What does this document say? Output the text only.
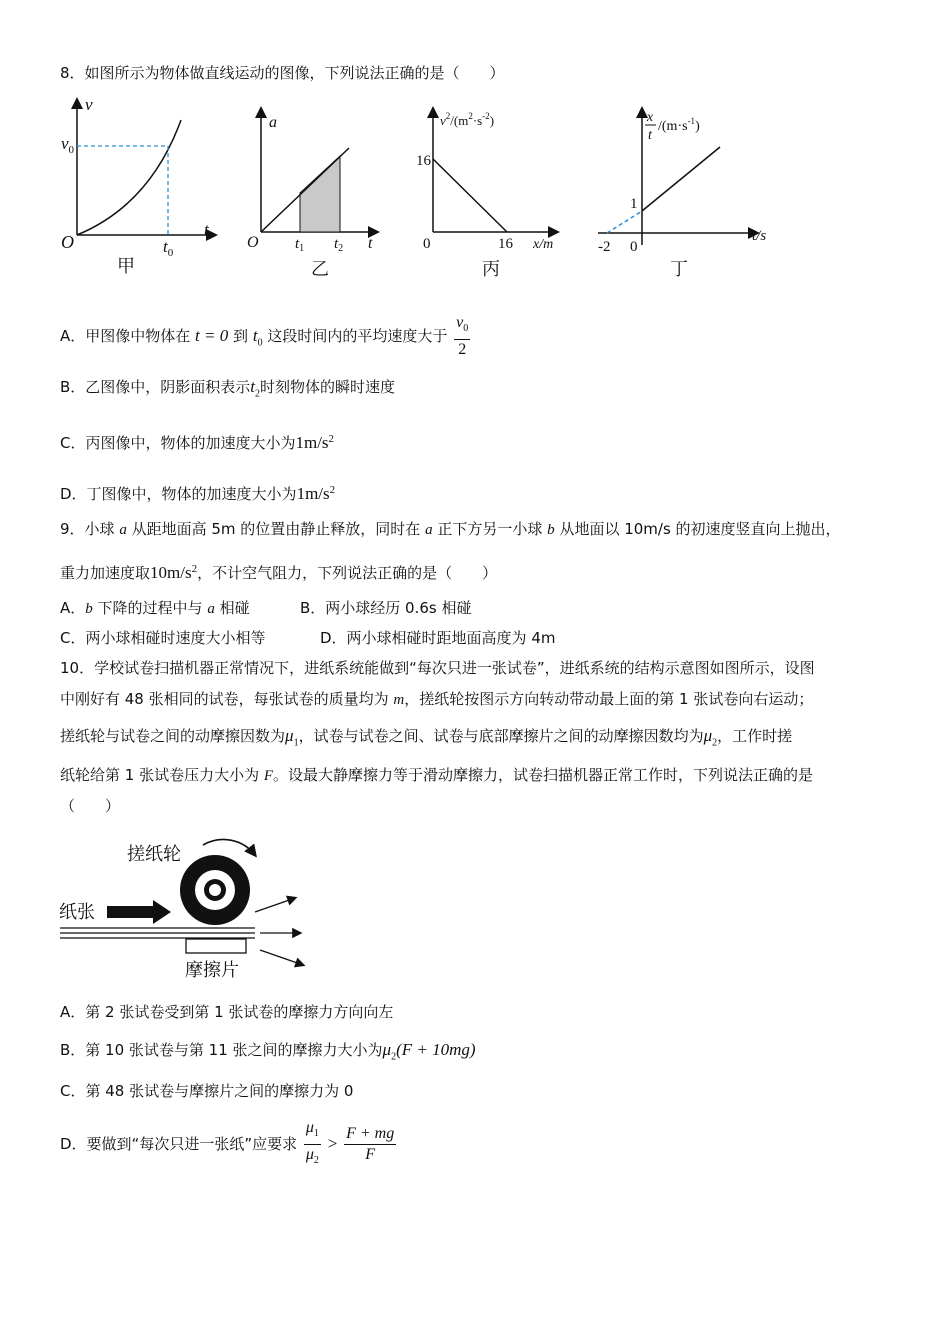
8．如图所示为物体做直线运动的图像，下列说法正确的是（　　）
v
t
O
$v_0$
$t_0$
甲
a
t
O $t_1$ $t_2$
乙
$v^2/(m^2\cdot s^{-2})$
16
0	16 x/m
丙
x
t
$/(m\cdot s^{-1})$
1
-2 0
t/s
丁
A．甲图像中物体在 t = 0 到 $t_0$ 这段时间内的平均速度大于 $\frac{v_0}{2}$
B．乙图像中，阴影面积表示$t_2$时刻物体的瞬时速度
C．丙图像中，物体的加速度大小为$1m/s^2$
D．丁图像中，物体的加速度大小为$1m/s^2$
9．小球 a 从距地面高 5m 的位置由静止释放，同时在 a 正下方另一小球 b 从地面以 10m/s 的初速度竖直向上抛出，
重力加速度取$10m/s^2$，不计空气阻力，下列说法正确的是（　　）
A．b 下降的过程中与 a 相碰	B．两小球经历 0.6s 相碰
C．两小球相碰时速度大小相等	D．两小球相碰时距地面高度为 4m
10．学校试卷扫描机器正常情况下，进纸系统能做到“每次只进一张试卷”，进纸系统的结构示意图如图所示，设图
中刚好有 48 张相同的试卷，每张试卷的质量均为 m，搓纸轮按图示方向转动带动最上面的第 1 张试卷向右运动；
搓纸轮与试卷之间的动摩擦因数为$\mu_1$，试卷与试卷之间、试卷与底部摩擦片之间的动摩擦因数均为$\mu_2$，工作时搓
纸轮给第 1 张试卷压力大小为 F。设最大静摩擦力等于滑动摩擦力，试卷扫描机器正常工作时，下列说法正确的是
（　　）
搓纸轮
纸张
摩擦片
A．第 2 张试卷受到第 1 张试卷的摩擦力方向向左
B．第 10 张试卷与第 11 张之间的摩擦力大小为$\mu_2(F + 10mg)$
C．第 48 张试卷与摩擦片之间的摩擦力为 0
D．要做到“每次只进一张纸”应要求 $\frac{\mu_1}{\mu_2} > \frac{F + mg}{F}$
